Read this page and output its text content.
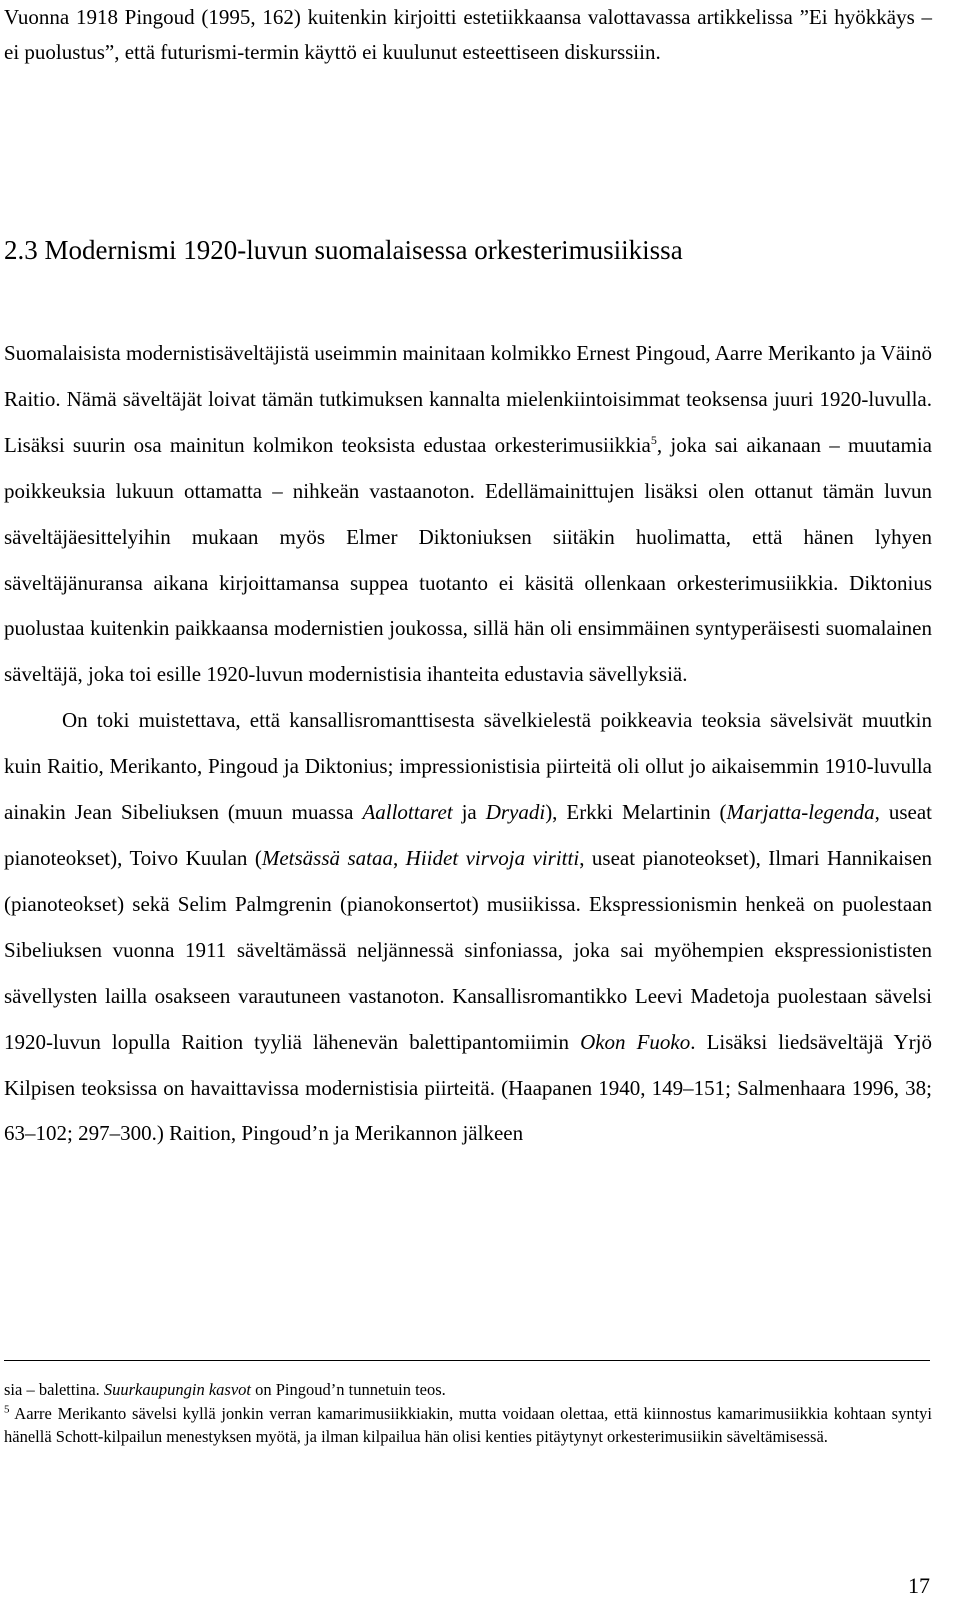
Vuonna 1918 Pingoud (1995, 162) kuitenkin kirjoitti estetiikkaansa valottavassa artikkelissa ”Ei hyökkäys – ei puolustus”, että futurismi-termin käyttö ei kuulunut esteettiseen diskurssiin.

2.3 Modernismi 1920-luvun suomalaisessa orkesterimusiikissa

Suomalaisista modernistisäveltäjistä useimmin mainitaan kolmikko Ernest Pingoud, Aarre Merikanto ja Väinö Raitio. Nämä säveltäjät loivat tämän tutkimuksen kannalta mielenkiintoisimmat teoksensa juuri 1920-luvulla. Lisäksi suurin osa mainitun kolmikon teoksista edustaa orkesterimusiikkia$^5$, joka sai aikanaan – muutamia poikkeuksia lukuun ottamatta – nihkeän vastaanoton. Edellämainittujen lisäksi olen ottanut tämän luvun säveltäjäesittelyihin mukaan myös Elmer Diktoniuksen siitäkin huolimatta, että hänen lyhyen säveltäjänuransa aikana kirjoittamansa suppea tuotanto ei käsitä ollenkaan orkesterimusiikkia. Diktonius puolustaa kuitenkin paikkaansa modernistien joukossa, sillä hän oli ensimmäinen syntyperäisesti suomalainen säveltäjä, joka toi esille 1920-luvun modernistisia ihanteita edustavia sävellyksiä.

On toki muistettava, että kansallisromanttisesta sävelkielestä poikkeavia teoksia sävelsivät muutkin kuin Raitio, Merikanto, Pingoud ja Diktonius; impressionistisia piirteitä oli ollut jo aikaisemmin 1910-luvulla ainakin Jean Sibeliuksen (muun muassa Aallottaret ja Dryadi), Erkki Melartinin (Marjatta-legenda, useat pianoteokset), Toivo Kuulan (Metsässä sataa, Hiidet virvoja viritti, useat pianoteokset), Ilmari Hannikaisen (pianoteokset) sekä Selim Palmgrenin (pianokonsertot) musiikissa. Ekspressionismin henkeä on puolestaan Sibeliuksen vuonna 1911 säveltämässä neljännessä sinfoniassa, joka sai myöhempien ekspressionististen sävellysten lailla osakseen varautuneen vastanoton. Kansallisromantikko Leevi Madetoja puolestaan sävelsi 1920-luvun lopulla Raition tyyliä lähenevän balettipantomiimin Okon Fuoko. Lisäksi liedsäveltäjä Yrjö Kilpisen teoksissa on havaittavissa modernistisia piirteitä. (Haapanen 1940, 149–151; Salmenhaara 1996, 38; 63–102; 297–300.) Raition, Pingoud’n ja Merikannon jälkeen

sia – balettina. Suurkaupungin kasvot on Pingoud’n tunnetuin teos.

$^5$ Aarre Merikanto sävelsi kyllä jonkin verran kamarimusiikkiakin, mutta voidaan olettaa, että kiinnostus kamarimusiikkia kohtaan syntyi hänellä Schott-kilpailun menestyksen myötä, ja ilman kilpailua hän olisi kenties pitäytynyt orkesterimusiikin säveltämisessä.

17
